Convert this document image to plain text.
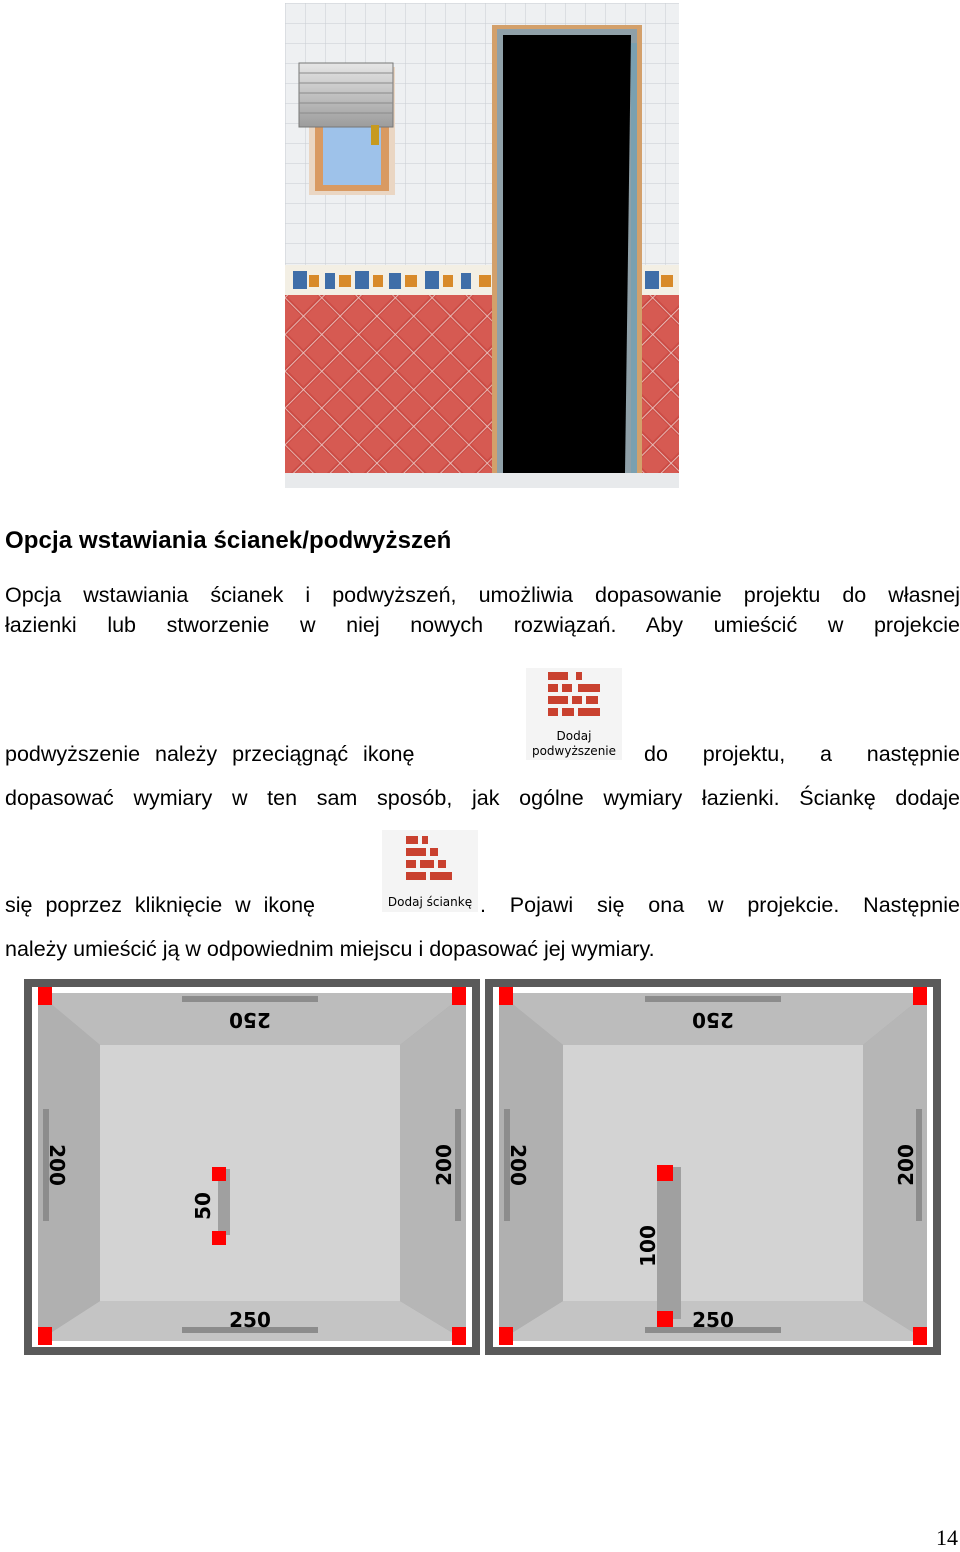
Opcja wstawiania ścianek/podwyższeń
Opcja wstawiania ścianek i podwyższeń, umożliwia dopasowanie projektu do własnej
łazienki lub stworzenie w niej nowych rozwiązań. Aby umieścić w projekcie
podwyższenie należy przeciągnąć ikonę	do projektu, a następnie
dopasować wymiary w ten sam sposób, jak ogólne wymiary łazienki. Ściankę dodaje
Dodaj
podwyższenie
się poprzez kliknięcie w ikonę	. Pojawi się ona w projekcie. Następnie
należy umieścić ją w odpowiednim miejscu i dopasować jej wymiary.
Dodaj ściankę
250
250
200	200
50
250
250
200	200
100
14
